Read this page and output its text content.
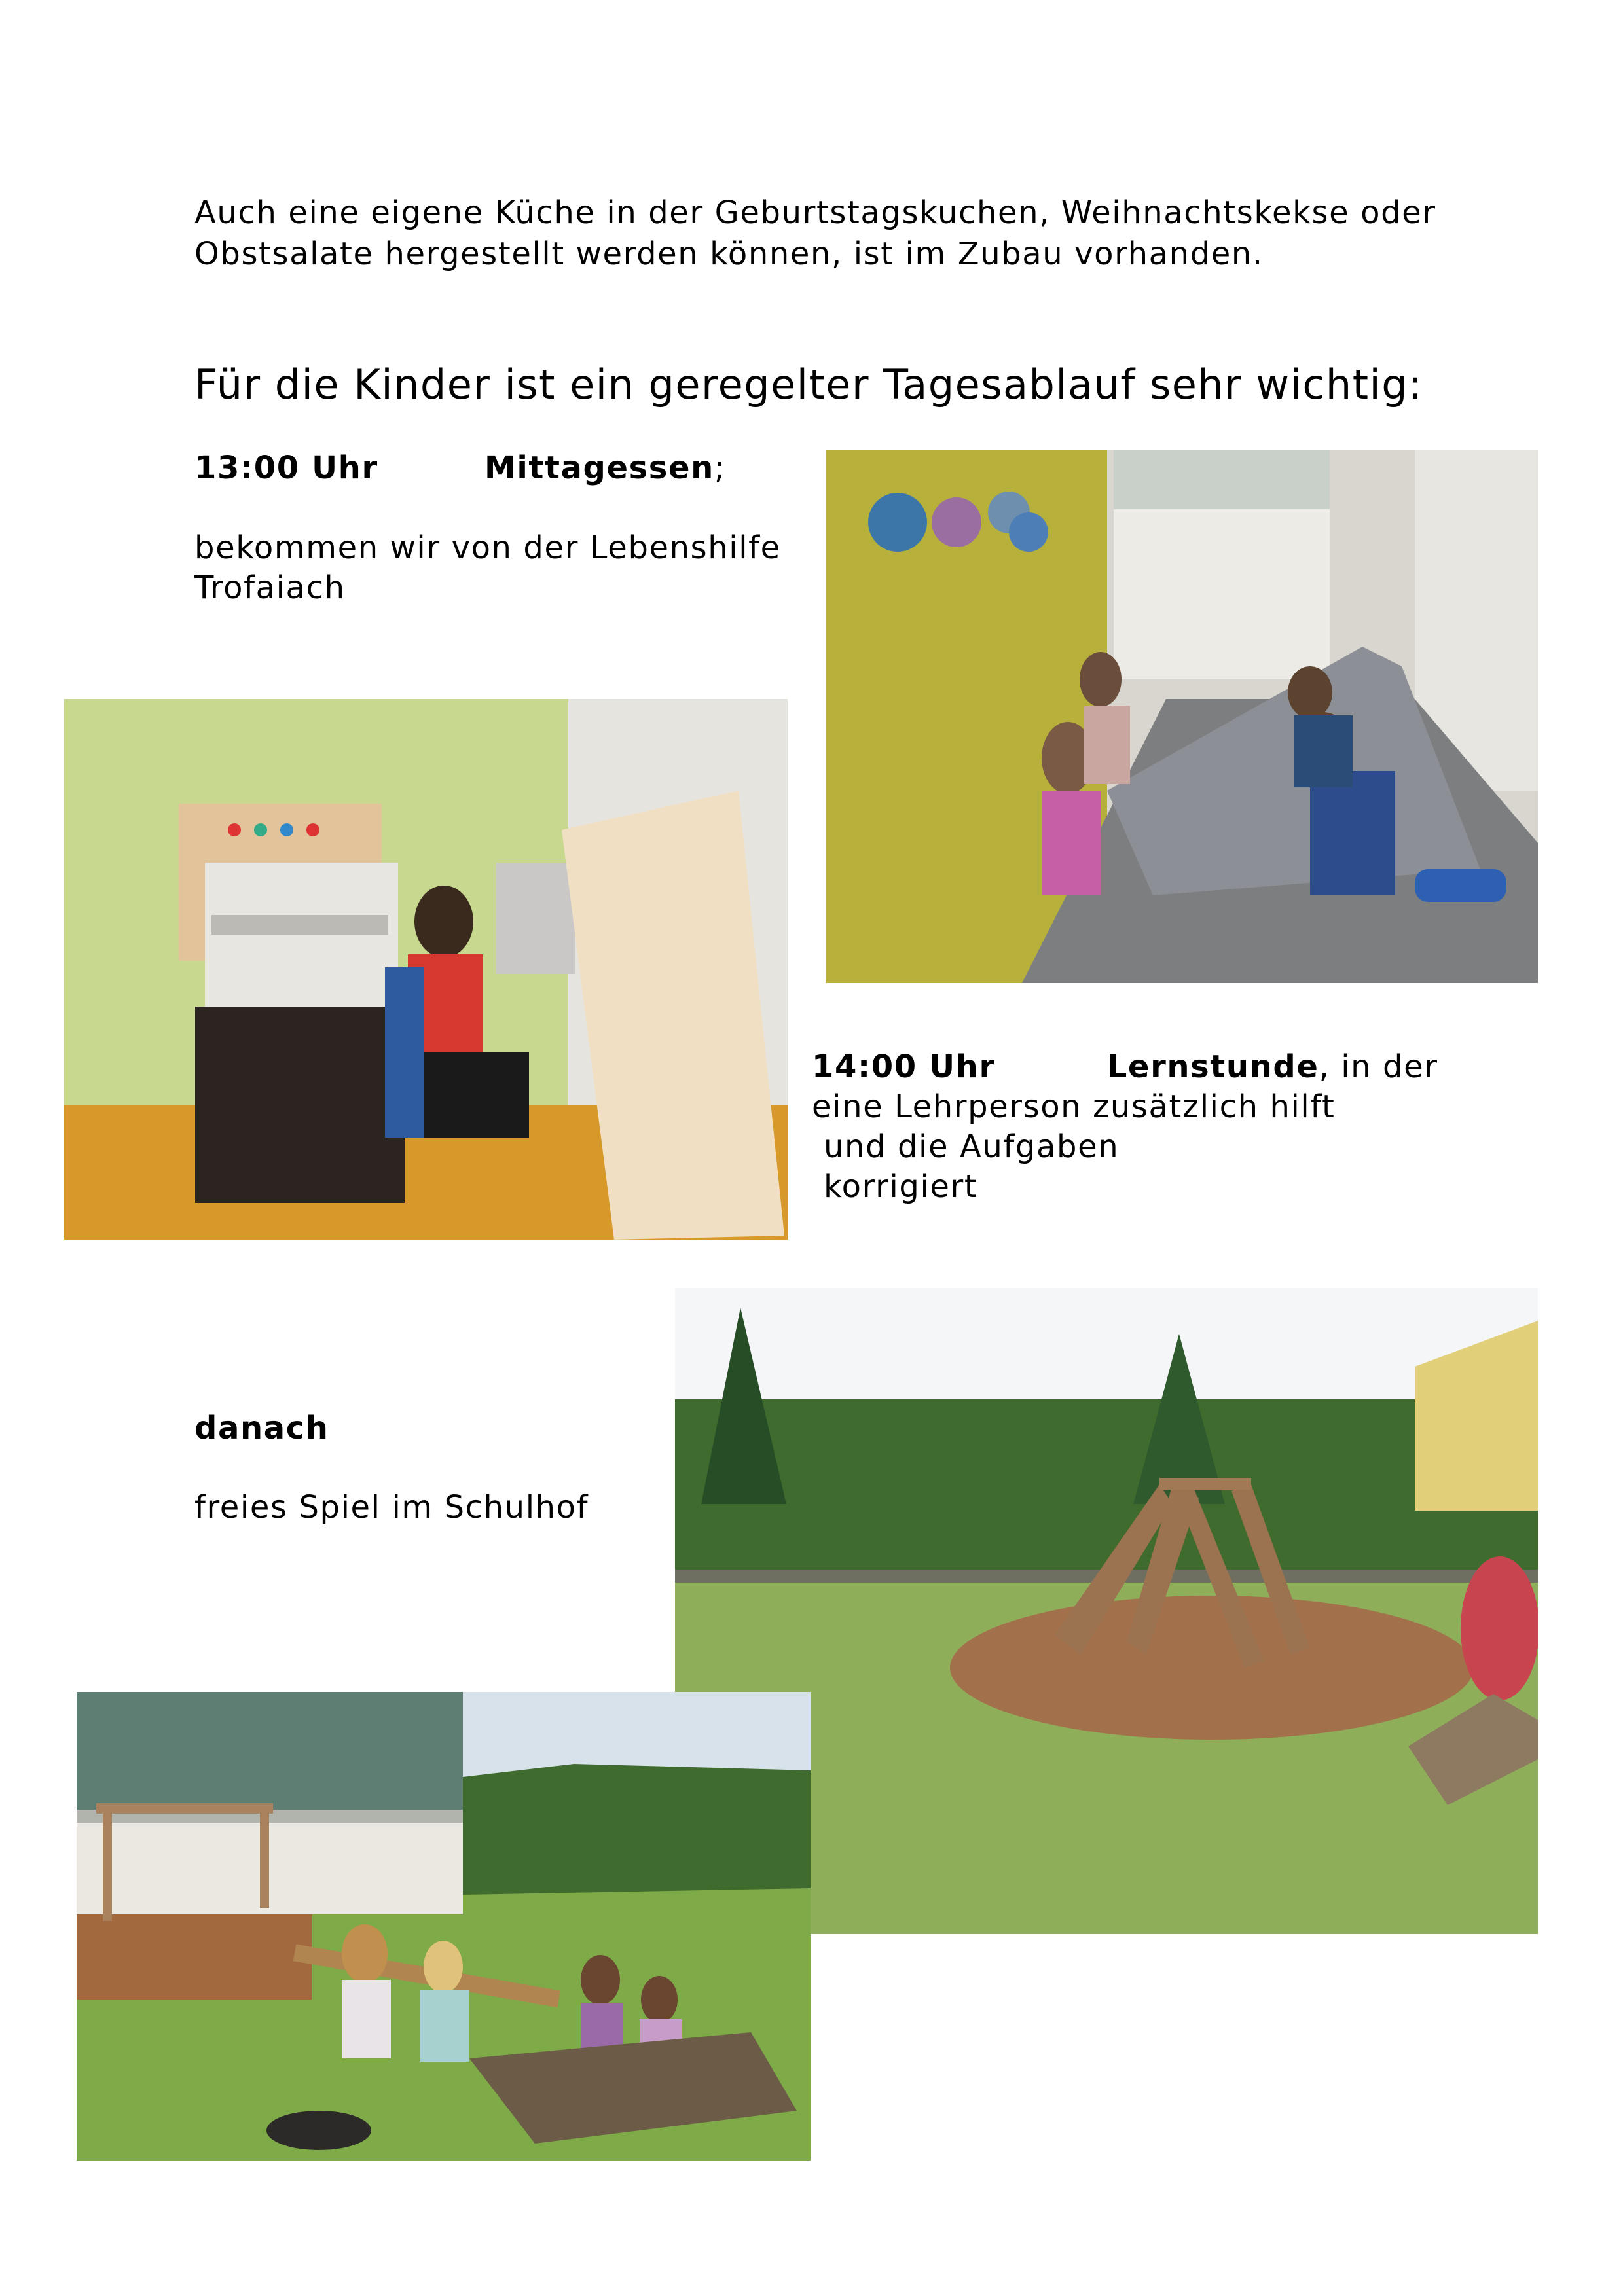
Auch eine eigene Küche in der Geburtstagskuchen, Weihnachtskekse oder
Obstsalate hergestellt werden können, ist im Zubau vorhanden.
Für die Kinder ist ein geregelter Tagesablauf sehr wichtig:
13:00 Uhr	Mittagessen;
bekommen wir von der Lebenshilfe
Trofaiach
14:00 Uhr	Lernstunde, in der
eine Lehrperson zusätzlich hilft
und die Aufgaben
korrigiert
danach
freies Spiel im Schulhof
